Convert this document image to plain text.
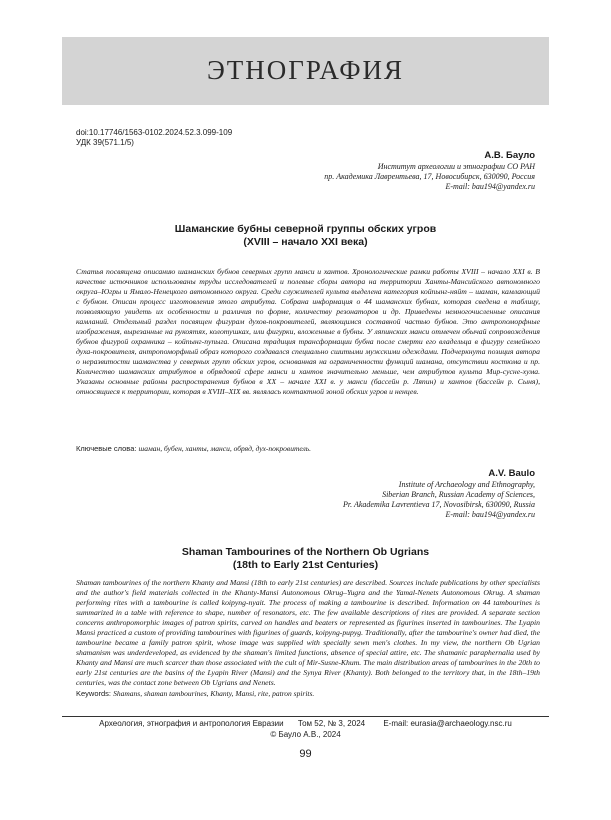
ЭТНОГРАФИЯ
doi:10.17746/1563-0102.2024.52.3.099-109
УДК 39(571.1/5)
А.В. Бауло
Институт археологии и этнографии СО РАН
пр. Академика Лаврентьева, 17, Новосибирск, 630090, Россия
E-mail: bau194@yandex.ru
Шаманские бубны северной группы обских угров
(XVIII – начало XXI века)

Статья посвящена описанию шаманских бубнов северных групп манси и хантов. Хронологические рамки работы XVIII – начало XXI в. В качестве источников использованы труды исследователей и полевые сборы автора на территории Ханты-Мансийского автономного округа–Югры и Ямало-Ненецкого автономного округа. Среди служителей культа выделена категория койпынг-няйт – шаман, камлающий с бубном. Описан процесс изготовления этого атрибута. Собрана информация о 44 шаманских бубнах, которая сведена в таблицу, позволяющую увидеть их особенности и различия по форме, количеству резонаторов и др. Приведены немногочисленные описания камланий. Отдельный раздел посвящен фигурам духов-покровителей, являющимся составной частью бубнов. Это антропоморфные изображения, вырезанные на рукоятях, колотушках, или фигурки, вложенные в бубны. У ляпинских манси отмечен обычай сопровождения бубнов фигурой охранника – койпынг-пупыга. Описана традиция трансформации бубна после смерти его владельца в фигуру семейного духа-покровителя, антропоморфный образ которого создавался специально сшитыми мужскими одеждами. Подчеркнута позиция автора о неразвитости шаманства у северных групп обских угров, основанная на ограниченности функций шамана, отсутствии костюма и пр. Количество шаманских атрибутов в обрядовой сфере манси и хантов значительно меньше, чем атрибутов культа Мир-сусне-хума. Указаны основные районы распространения бубнов в XX – начале XXI в. у манси (бассейн р. Ляпин) и хантов (бассейн р. Сыня), относящиеся к территории, которая в XVIII–XIX вв. являлась контактной зоной обских угров и ненцев.

Ключевые слова: шаман, бубен, ханты, манси, обряд, дух-покровитель.
A.V. Baulo
Institute of Archaeology and Ethnography,
Siberian Branch, Russian Academy of Sciences,
Pr. Akademika Lavrentieva 17, Novosibirsk, 630090, Russia
E-mail: bau194@yandex.ru
Shaman Tambourines of the Northern Ob Ugrians
(18th to Early 21st Centuries)

Shaman tambourines of the northern Khanty and Mansi (18th to early 21st centuries) are described. Sources include publications by other specialists and the author's field materials collected in the Khanty-Mansi Autonomous Okrug–Yugra and the Yamal-Nenets Autonomous Okrug. A shaman performing rites with a tambourine is called koipyng-nyait. The process of making a tambourine is described. Information on 44 tambourines is summarized in a table with reference to shape, number of resonators, etc. The few available descriptions of rites are provided. A separate section concerns anthropomorphic images of patron spirits, carved on handles and beaters or represented as figurines inserted in tambourines. The Lyapin Mansi practiced a custom of providing tambourines with figurines of guards, koipyng-pupyg. Traditionally, after the tambourine's owner had died, the tambourine became a family patron spirit, whose image was supplied with specially sewn men's clothes. In my view, the northern Ob Ugrian shamanism was underdeveloped, as evidenced by the shaman's limited functions, absence of special attire, etc. The shamanic paraphernalia used by Khanty and Mansi are much scarcer than those associated with the cult of Mir-Susne-Khum. The main distribution areas of tambourines in the 20th to early 21st centuries are the basins of the Lyapin River (Mansi) and the Synya River (Khanty). Both belonged to the territory that, in the 18th–19th centuries, was the contact zone between Ob Ugrians and Nenets.

Keywords: Shamans, shaman tambourines, Khanty, Mansi, rite, patron spirits.
Археология, этнография и антропология Евразии Том 52, № 3, 2024 E-mail: eurasia@archaeology.nsc.ru
© Бауло А.В., 2024
99
